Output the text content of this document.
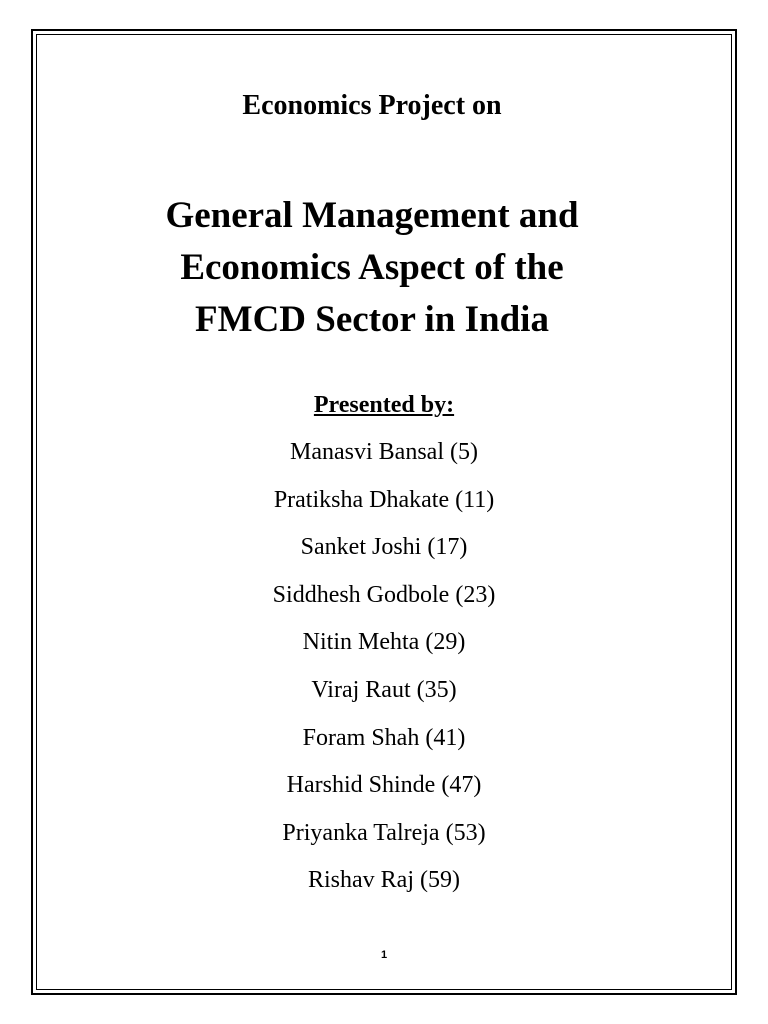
Economics Project on
General Management and
Economics Aspect of the
FMCD Sector in India
Presented by:
Manasvi Bansal (5)
Pratiksha Dhakate (11)
Sanket Joshi (17)
Siddhesh Godbole (23)
Nitin Mehta (29)
Viraj Raut (35)
Foram Shah (41)
Harshid Shinde (47)
Priyanka Talreja (53)
Rishav Raj (59)
1
